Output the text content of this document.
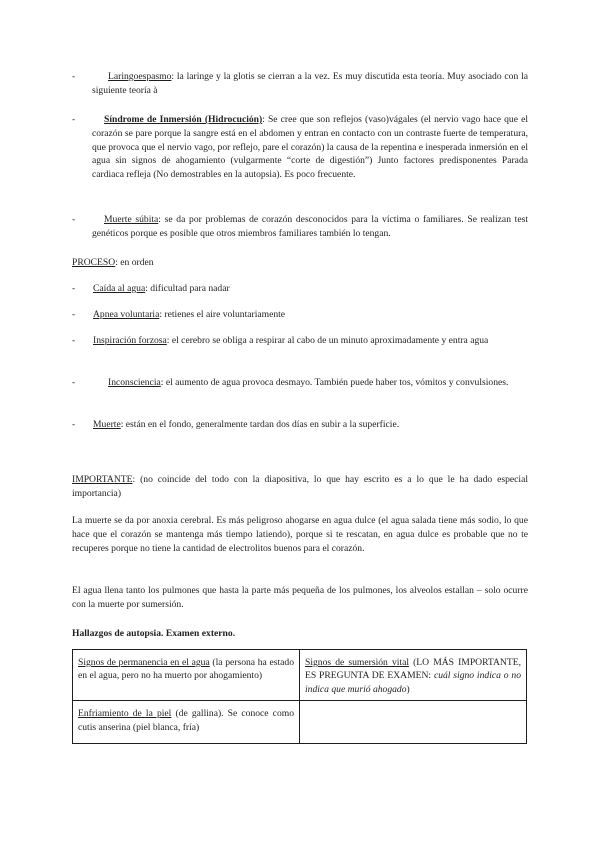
-	Laringoespasmo: la laringe y la glotis se cierran a la vez. Es muy discutida esta teoría. Muy asociado con la siguiente teoría à
-	Síndrome de Inmersión (Hidrocución): Se cree que son reflejos (vaso)vágales (el nervio vago hace que el corazón se pare porque la sangre está en el abdomen y entran en contacto con un contraste fuerte de temperatura, que provoca que el nervio vago, por reflejo, pare el corazón) la causa de la repentina e inesperada inmersión en el agua sin signos de ahogamiento (vulgarmente “corte de digestión”) Junto factores predisponentes Parada cardiaca refleja (No demostrables en la autopsia). Es poco frecuente.
-	Muerte súbita: se da por problemas de corazón desconocidos para la víctima o familiares. Se realizan test genéticos porque es posible que otros miembros familiares también lo tengan.
PROCESO: en orden
-	Caída al agua: dificultad para nadar
-	Apnea voluntaria: retienes el aire voluntariamente
-	Inspiración forzosa: el cerebro se obliga a respirar al cabo de un minuto aproximadamente y entra agua
-	Inconsciencia: el aumento de agua provoca desmayo. También puede haber tos, vómitos y convulsiones.
-	Muerte: están en el fondo, generalmente tardan dos días en subir a la superficie.
IMPORTANTE: (no coincide del todo con la diapositiva, lo que hay escrito es a lo que le ha dado especial importancia)
La muerte se da por anoxia cerebral. Es más peligroso ahogarse en agua dulce (el agua salada tiene más sodio, lo que hace que el corazón se mantenga más tiempo latiendo), porque si te rescatan, en agua dulce es probable que no te recuperes porque no tiene la cantidad de electrolitos buenos para el corazón.
El agua llena tanto los pulmones que hasta la parte más pequeña de los pulmones, los alveolos estallan – solo ocurre con la muerte por sumersión.
Hallazgos de autopsia. Examen externo.
Signos de permanencia en el agua (la persona ha estado en el agua, pero no ha muerto por ahogamiento)	Signos de sumersión vital (LO MÁS IMPORTANTE, ES PREGUNTA DE EXAMEN: cuál signo indica o no indica que murió ahogado)
Enfriamiento de la piel (de gallina). Se conoce como cutis anserina (piel blanca, fría)	
